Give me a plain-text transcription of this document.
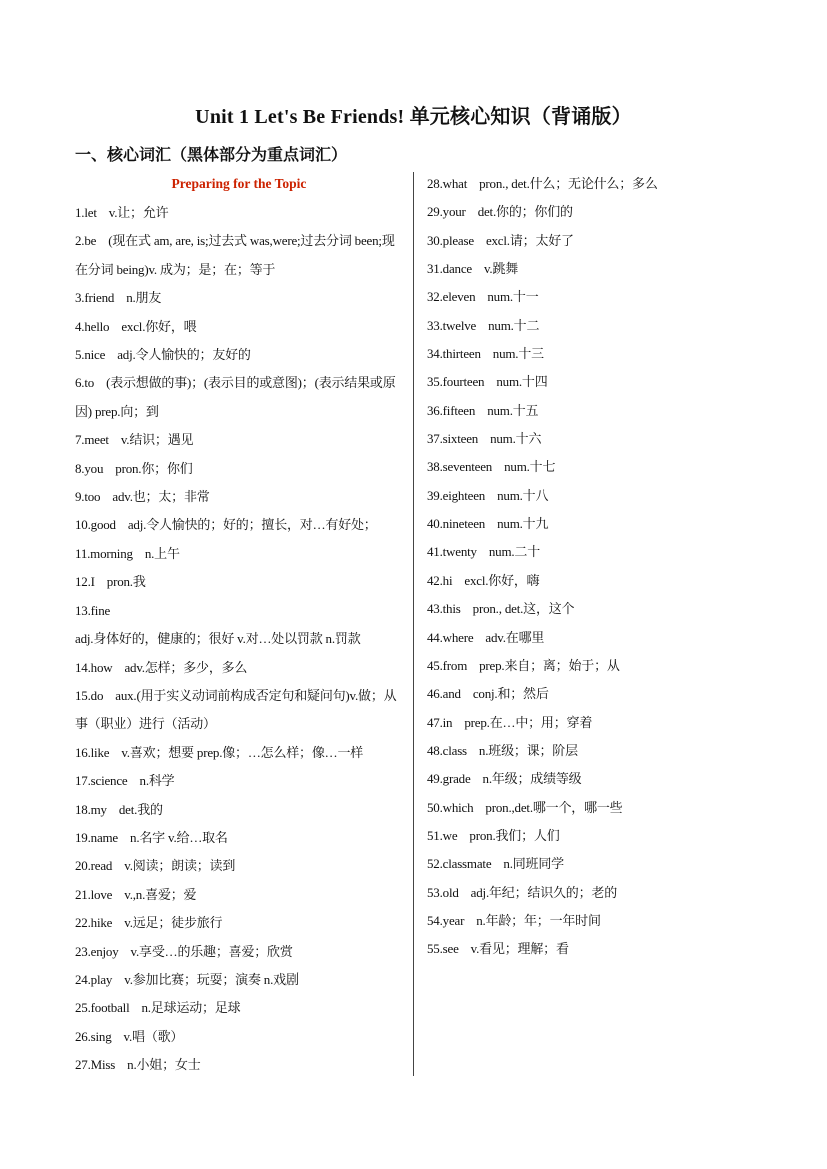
Unit 1 Let's Be Friends! 单元核心知识（背诵版）
一、核心词汇（黑体部分为重点词汇）
Preparing for the Topic
1.let v.让；允许
2.be (现在式 am, are, is;过去式 was,were;过去分词 been;现在分词 being)v. 成为；是；在；等于
3.friend n.朋友
4.hello excl.你好，喂
5.nice adj.令人愉快的；友好的
6.to (表示想做的事)；(表示目的或意图)；(表示结果或原因) prep.向；到
7.meet v.结识；遇见
8.you pron.你；你们
9.too adv.也；太；非常
10.good adj.令人愉快的；好的；擅长，对…有好处；
11.morning n.上午
12.I pron.我
13.fine
adj.身体好的，健康的；很好 v.对…处以罚款 n.罚款
14.how adv.怎样；多少，多么
15.do aux.(用于实义动词前构成否定句和疑问句)v.做；从事（职业）进行（活动）
16.like v.喜欢；想要 prep.像；…怎么样；像…一样
17.science n.科学
18.my det.我的
19.name n.名字 v.给…取名
20.read v.阅读；朗读；读到
21.love v.,n.喜爱；爱
22.hike v.远足；徒步旅行
23.enjoy v.享受…的乐趣；喜爱；欣赏
24.play v.参加比赛；玩耍；演奏 n.戏剧
25.football n.足球运动；足球
26.sing v.唱（歌）
27.Miss n.小姐；女士
28.what pron., det.什么；无论什么；多么
29.your det.你的；你们的
30.please excl.请；太好了
31.dance v.跳舞
32.eleven num.十一
33.twelve num.十二
34.thirteen num.十三
35.fourteen num.十四
36.fifteen num.十五
37.sixteen num.十六
38.seventeen num.十七
39.eighteen num.十八
40.nineteen num.十九
41.twenty num.二十
42.hi excl.你好，嗨
43.this pron., det.这，这个
44.where adv.在哪里
45.from prep.来自；离；始于；从
46.and conj.和；然后
47.in prep.在…中；用；穿着
48.class n.班级；课；阶层
49.grade n.年级；成绩等级
50.which pron.,det.哪一个，哪一些
51.we pron.我们；人们
52.classmate n.同班同学
53.old adj.年纪；结识久的；老的
54.year n.年龄；年；一年时间
55.see v.看见；理解；看
